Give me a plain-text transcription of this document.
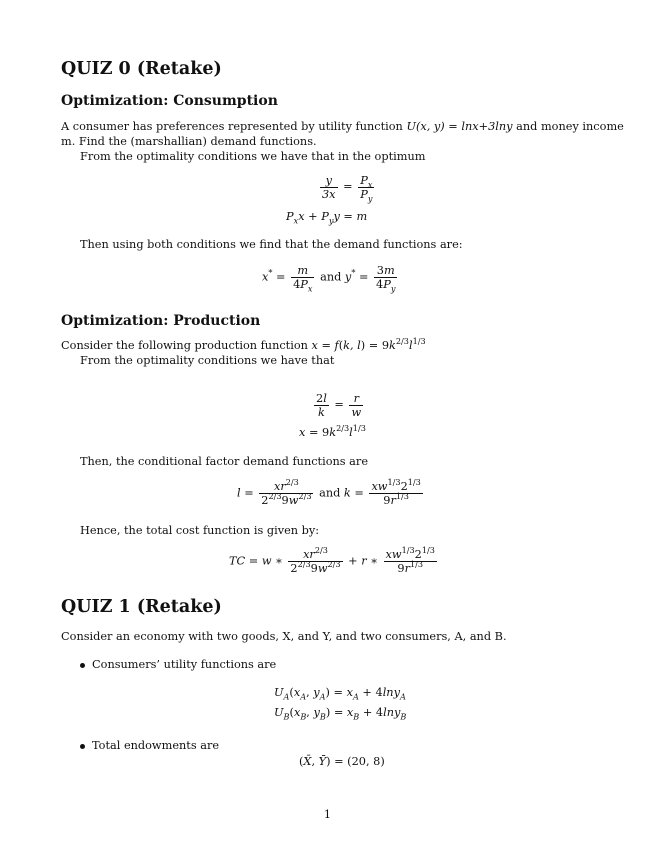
QUIZ 0 (Retake)
Optimization: Consumption

A consumer has preferences represented by utility function U(x, y) = lnx+3lny and money income

m. Find the (marshallian) demand functions.

From the optimality conditions we have that in the optimum

$\frac{y}{3x} = \frac{P_x}{P_y}$
$P_xx + P_yy = m$

Then using both conditions we find that the demand functions are:

$x^* = \frac{m}{4P_x}$ and $y^* = \frac{3m}{4P_y}$
Optimization: Production

Consider the following production function x = f(k, $l) = 9k^{2/3}l^{1/3}$

From the optimality conditions we have that

$\frac{2l}{k} = \frac{r}{w}$
$x = 9k^{2/3}l^{1/3}$

Then, the conditional factor demand functions are

$l = \frac{xr^{2/3}}{2^{2/3}9w^{2/3}}$ and $k = \frac{xw^{1/3}2^{1/3}}{9r^{1/3}}$

Hence, the total cost function is given by:

TC = w ∗ $\frac{xr^{2/3}}{2^{2/3}9w^{2/3}} + r$ ∗ $\frac{xw^{1/3}2^{1/3}}{9r^{1/3}}$
QUIZ 1 (Retake)

Consider an economy with two goods, X, and Y, and two consumers, A, and B.

Consumers’ utility functions are

$U_A(x_A$, $y_A) = x_A + 4\ln y_A$
$U_B(x_B$, $y_B) = x_B + 4\ln y_B$

Total endowments are

(X̄, Ȳ) = (20, 8)
1
